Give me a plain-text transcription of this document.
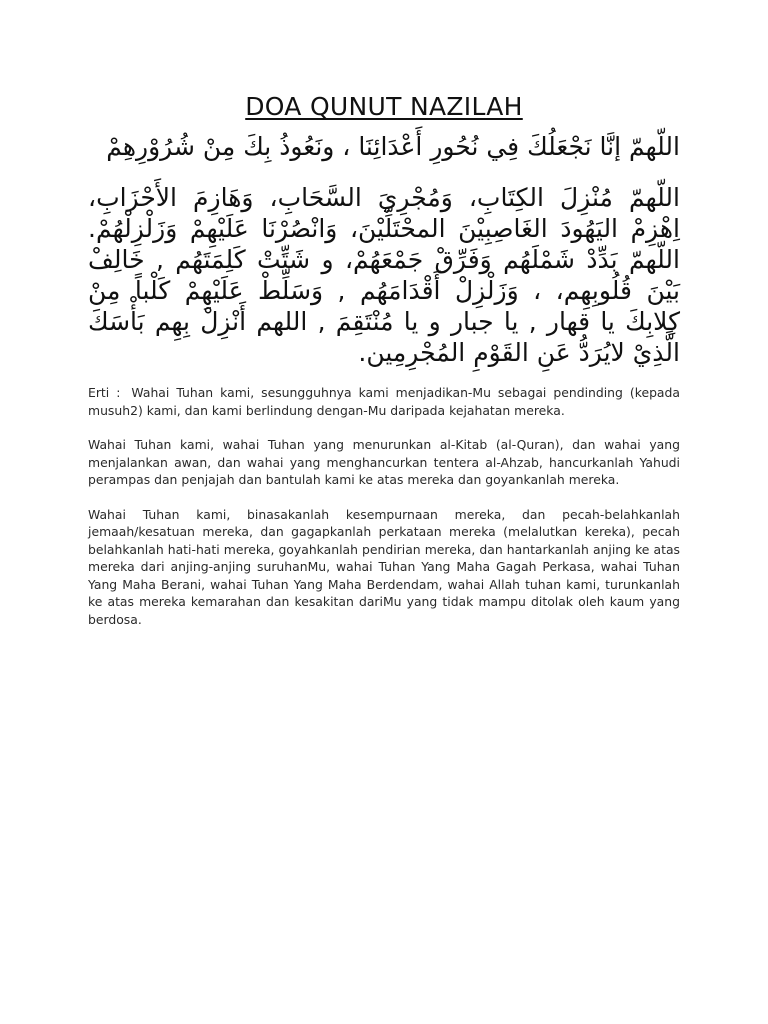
DOA QUNUT NAZILAH

اللّهمّ إنَّا نَجْعَلُكَ فِي نُحُورِ أَعْدَائِنَا ، ونَعُوذُ بِكَ مِنْ شُرُوْرِهِمْ

اللّهمّ مُنْزِلَ الكِتَابِ، وَمُجْرِيَ السَّحَابِ، وَهَازِمَ الأَحْزَابِ، اِهْزِمْ اليَهُودَ الغَاصِبِيْنَ المحْتَلِّيْنَ، وَانْصُرْنَا عَلَيْهِمْ وَزَلْزِلْهُمْ. اللّهمّ بَدِّدْ شَمْلَهُم وَفَرِّقْ جَمْعَهُمْ، و شَتِّتْ كَلِمَتَهُم , خَالِفْ بَيْنَ قُلُوبِهِم، ، وَزَلْزِلْ أَقْدَامَهُم , وَسَلِّطْ عَلَيْهِمْ كَلْباً مِنْ كِلابِكَ يا قهار , يا جبار و يا مُنْتَقِمَ , اللهم أَنْزِلْ بِهِم بَأْسَكَ الَّذِيْ لايُرَدُّ عَنِ القَوْمِ المُجْرِمِين.

Erti : Wahai Tuhan kami, sesungguhnya kami menjadikan-Mu sebagai pendinding (kepada musuh2) kami, dan kami berlindung dengan-Mu daripada kejahatan mereka.

Wahai Tuhan kami, wahai Tuhan yang menurunkan al-Kitab (al-Quran), dan wahai yang menjalankan awan, dan wahai yang menghancurkan tentera al-Ahzab, hancurkanlah Yahudi perampas dan penjajah dan bantulah kami ke atas mereka dan goyankanlah mereka.

Wahai Tuhan kami, binasakanlah kesempurnaan mereka, dan pecah-belahkanlah jemaah/kesatuan mereka, dan gagapkanlah perkataan mereka (melalutkan kereka), pecah belahkanlah hati-hati mereka, goyahkanlah pendirian mereka, dan hantarkanlah anjing ke atas mereka dari anjing-anjing suruhanMu, wahai Tuhan Yang Maha Gagah Perkasa, wahai Tuhan Yang Maha Berani, wahai Tuhan Yang Maha Berdendam, wahai Allah tuhan kami, turunkanlah ke atas mereka kemarahan dan kesakitan dariMu yang tidak mampu ditolak oleh kaum yang berdosa.
